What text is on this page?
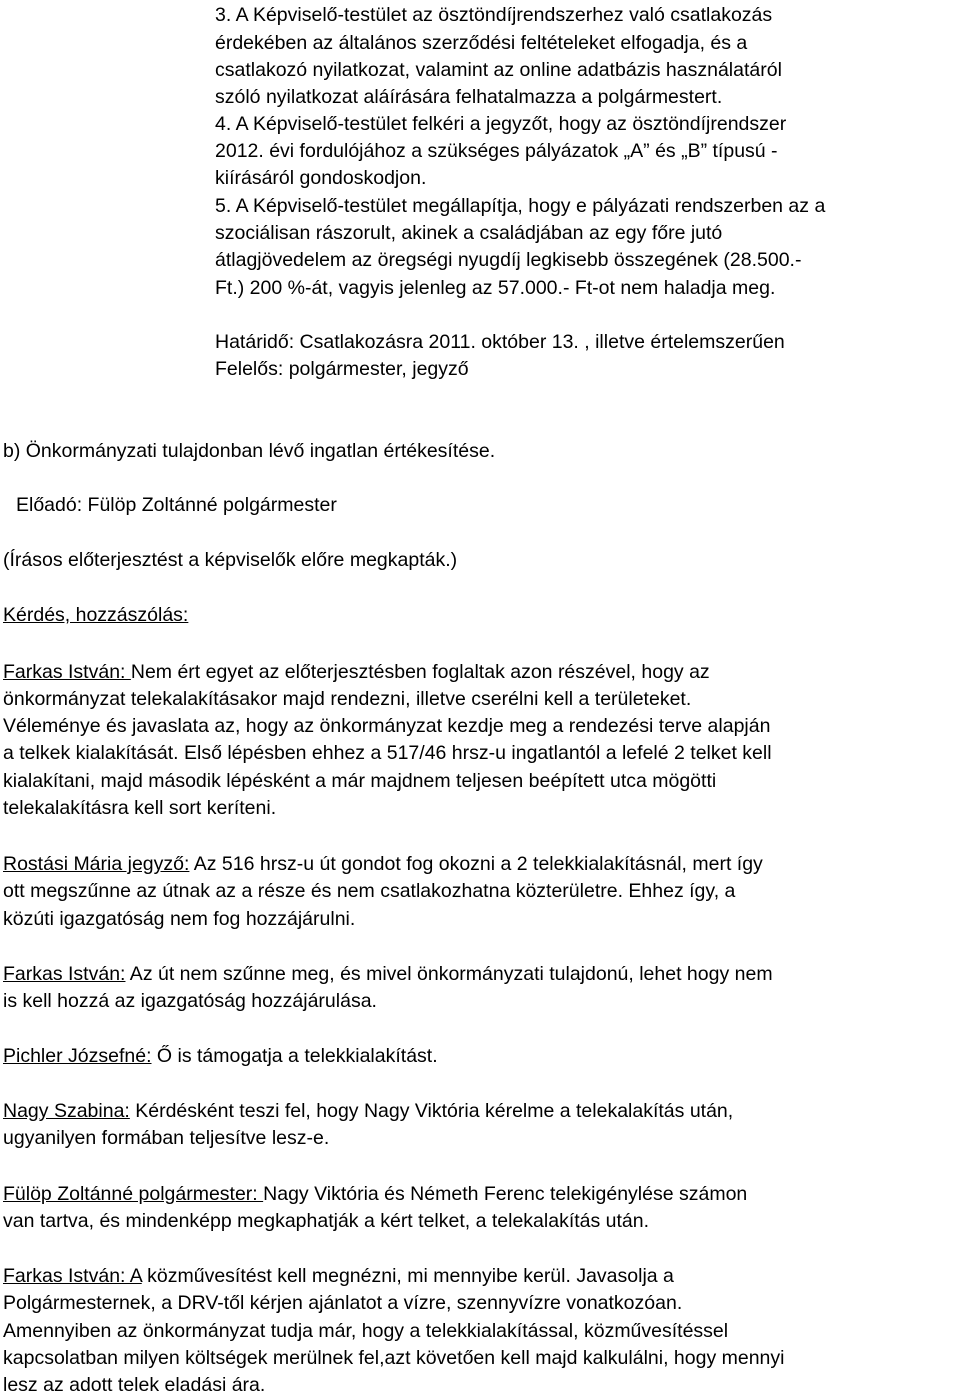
3. A Képviselő-testület az ösztöndíjrendszerhez való csatlakozás

érdekében az általános szerződési feltételeket elfogadja, és a

csatlakozó nyilatkozat, valamint az online adatbázis használatáról

szóló nyilatkozat aláírására felhatalmazza a polgármestert.

4. A Képviselő-testület felkéri a jegyzőt, hogy az ösztöndíjrendszer

2012. évi fordulójához a szükséges pályázatok „A” és „B” típusú -

kiírásáról gondoskodjon.

5. A Képviselő-testület megállapítja, hogy e pályázati rendszerben az a

szociálisan rászorult, akinek a családjában az egy főre jutó

átlagjövedelem az öregségi nyugdíj legkisebb összegének (28.500.-

Ft.) 200 %-át, vagyis jelenleg az 57.000.- Ft-ot nem haladja meg.

Határidő: Csatlakozásra 2011. október 13. , illetve értelemszerűen

Felelős: polgármester, jegyző

b) Önkormányzati tulajdonban lévő ingatlan értékesítése.

Előadó: Fülöp Zoltánné polgármester

(Írásos előterjesztést a képviselők előre megkapták.)

Kérdés, hozzászólás:

Farkas István: Nem ért egyet az előterjesztésben foglaltak azon részével, hogy az

önkormányzat telekalakításakor majd rendezni, illetve cserélni kell a területeket.

Véleménye és javaslata az, hogy az önkormányzat kezdje meg a rendezési terve alapján

a telkek kialakítását. Első lépésben ehhez a 517/46 hrsz-u ingatlantól a lefelé 2 telket kell

kialakítani, majd második lépésként a már majdnem teljesen beépített utca mögötti

telekalakításra kell sort keríteni.

Rostási Mária jegyző: Az 516 hrsz-u út gondot fog okozni a 2 telekkialakításnál, mert így

ott megszűnne az útnak az a része és nem csatlakozhatna közterületre. Ehhez így, a

közúti igazgatóság nem fog hozzájárulni.

Farkas István: Az út nem szűnne meg, és mivel önkormányzati tulajdonú, lehet hogy nem

is kell hozzá az igazgatóság hozzájárulása.

Pichler Józsefné: Ő is támogatja a telekkialakítást.

Nagy Szabina: Kérdésként teszi fel, hogy Nagy Viktória kérelme a telekalakítás után,

ugyanilyen formában teljesítve lesz-e.

Fülöp Zoltánné polgármester: Nagy Viktória és Németh Ferenc telekigénylése számon

van tartva, és mindenképp megkaphatják a kért telket, a telekalakítás után.

Farkas István: A közművesítést kell megnézni, mi mennyibe kerül. Javasolja a

Polgármesternek, a DRV-től kérjen ajánlatot a vízre, szennyvízre vonatkozóan.

Amennyiben az önkormányzat tudja már, hogy a telekkialakítással, közművesítéssel

kapcsolatban milyen költségek merülnek fel,azt követően kell majd kalkulálni, hogy mennyi

lesz az adott telek eladási ára.
